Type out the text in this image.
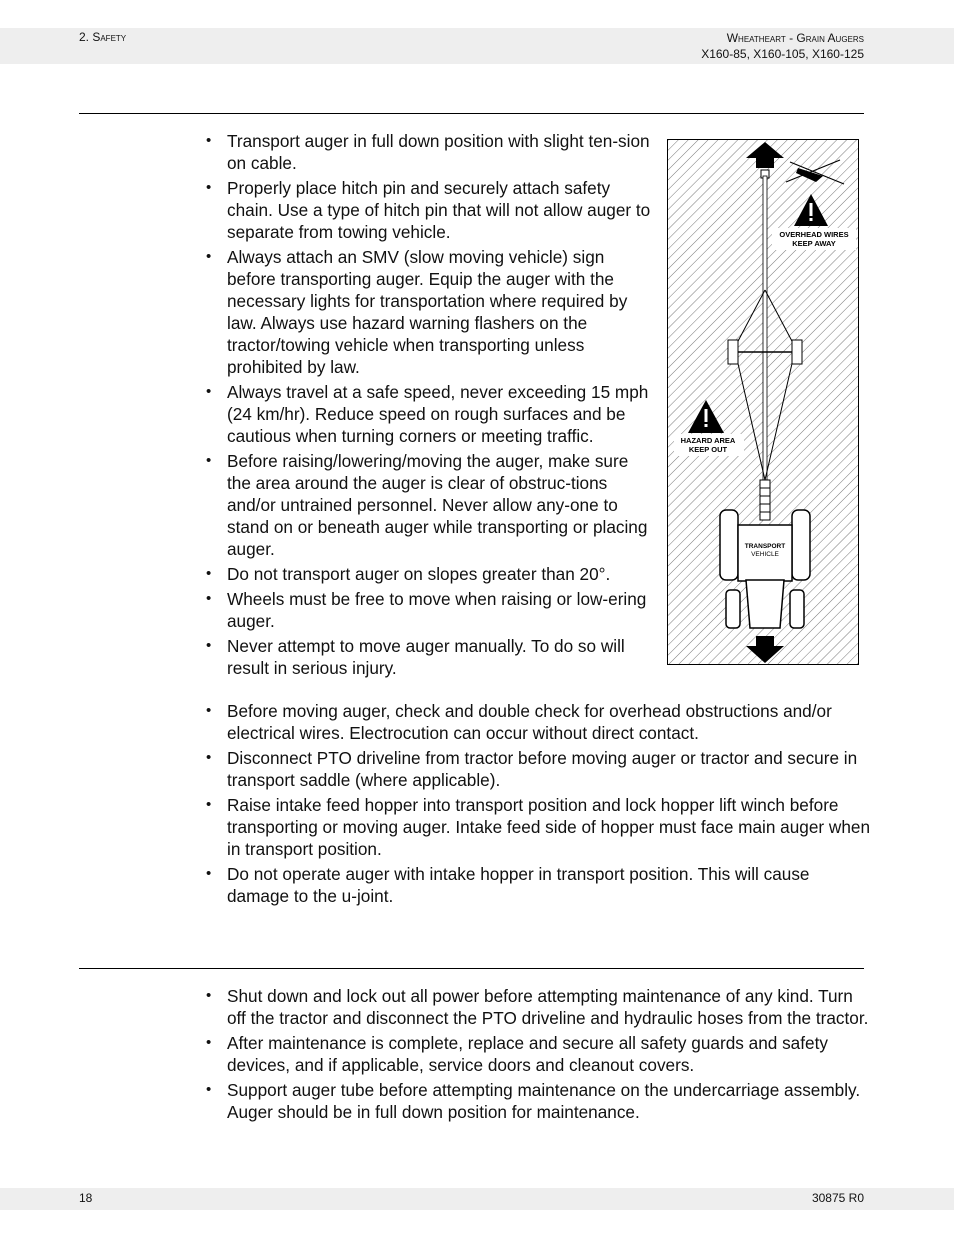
2. Safety	Wheatheart - Grain Augers
X160-85, X160-105, X160-125
• Transport auger in full down position with slight ten-sion on cable.
• Properly place hitch pin and securely attach safety chain. Use a type of hitch pin that will not allow auger to separate from towing vehicle.
• Always attach an SMV (slow moving vehicle) sign before transporting auger. Equip the auger with the necessary lights for transportation where required by law. Always use hazard warning flashers on the tractor/towing vehicle when transporting unless prohibited by law.
• Always travel at a safe speed, never exceeding 15 mph (24 km/hr). Reduce speed on rough surfaces and be cautious when turning corners or meeting traffic.
• Before raising/lowering/moving the auger, make sure the area around the auger is clear of obstruc-tions and/or untrained personnel. Never allow any-one to stand on or beneath auger while transporting or placing auger.
• Do not transport auger on slopes greater than 20°.
• Wheels must be free to move when raising or low-ering auger.
• Never attempt to move auger manually. To do so will result in serious injury.
OVERHEAD WIRES
KEEP AWAY
HAZARD AREA
KEEP OUT
TRANSPORT
VEHICLE
• Before moving auger, check and double check for overhead obstructions and/or electrical wires. Electrocution can occur without direct contact.
• Disconnect PTO driveline from tractor before moving auger or tractor and secure in transport saddle (where applicable).
• Raise intake feed hopper into transport position and lock hopper lift winch before transporting or moving auger. Intake feed side of hopper must face main auger when in transport position.
• Do not operate auger with intake hopper in transport position. This will cause damage to the u-joint.
• Shut down and lock out all power before attempting maintenance of any kind. Turn off the tractor and disconnect the PTO driveline and hydraulic hoses from the tractor.
• After maintenance is complete, replace and secure all safety guards and safety devices, and if applicable, service doors and cleanout covers.
• Support auger tube before attempting maintenance on the undercarriage assembly. Auger should be in full down position for maintenance.
18	30875 R0
